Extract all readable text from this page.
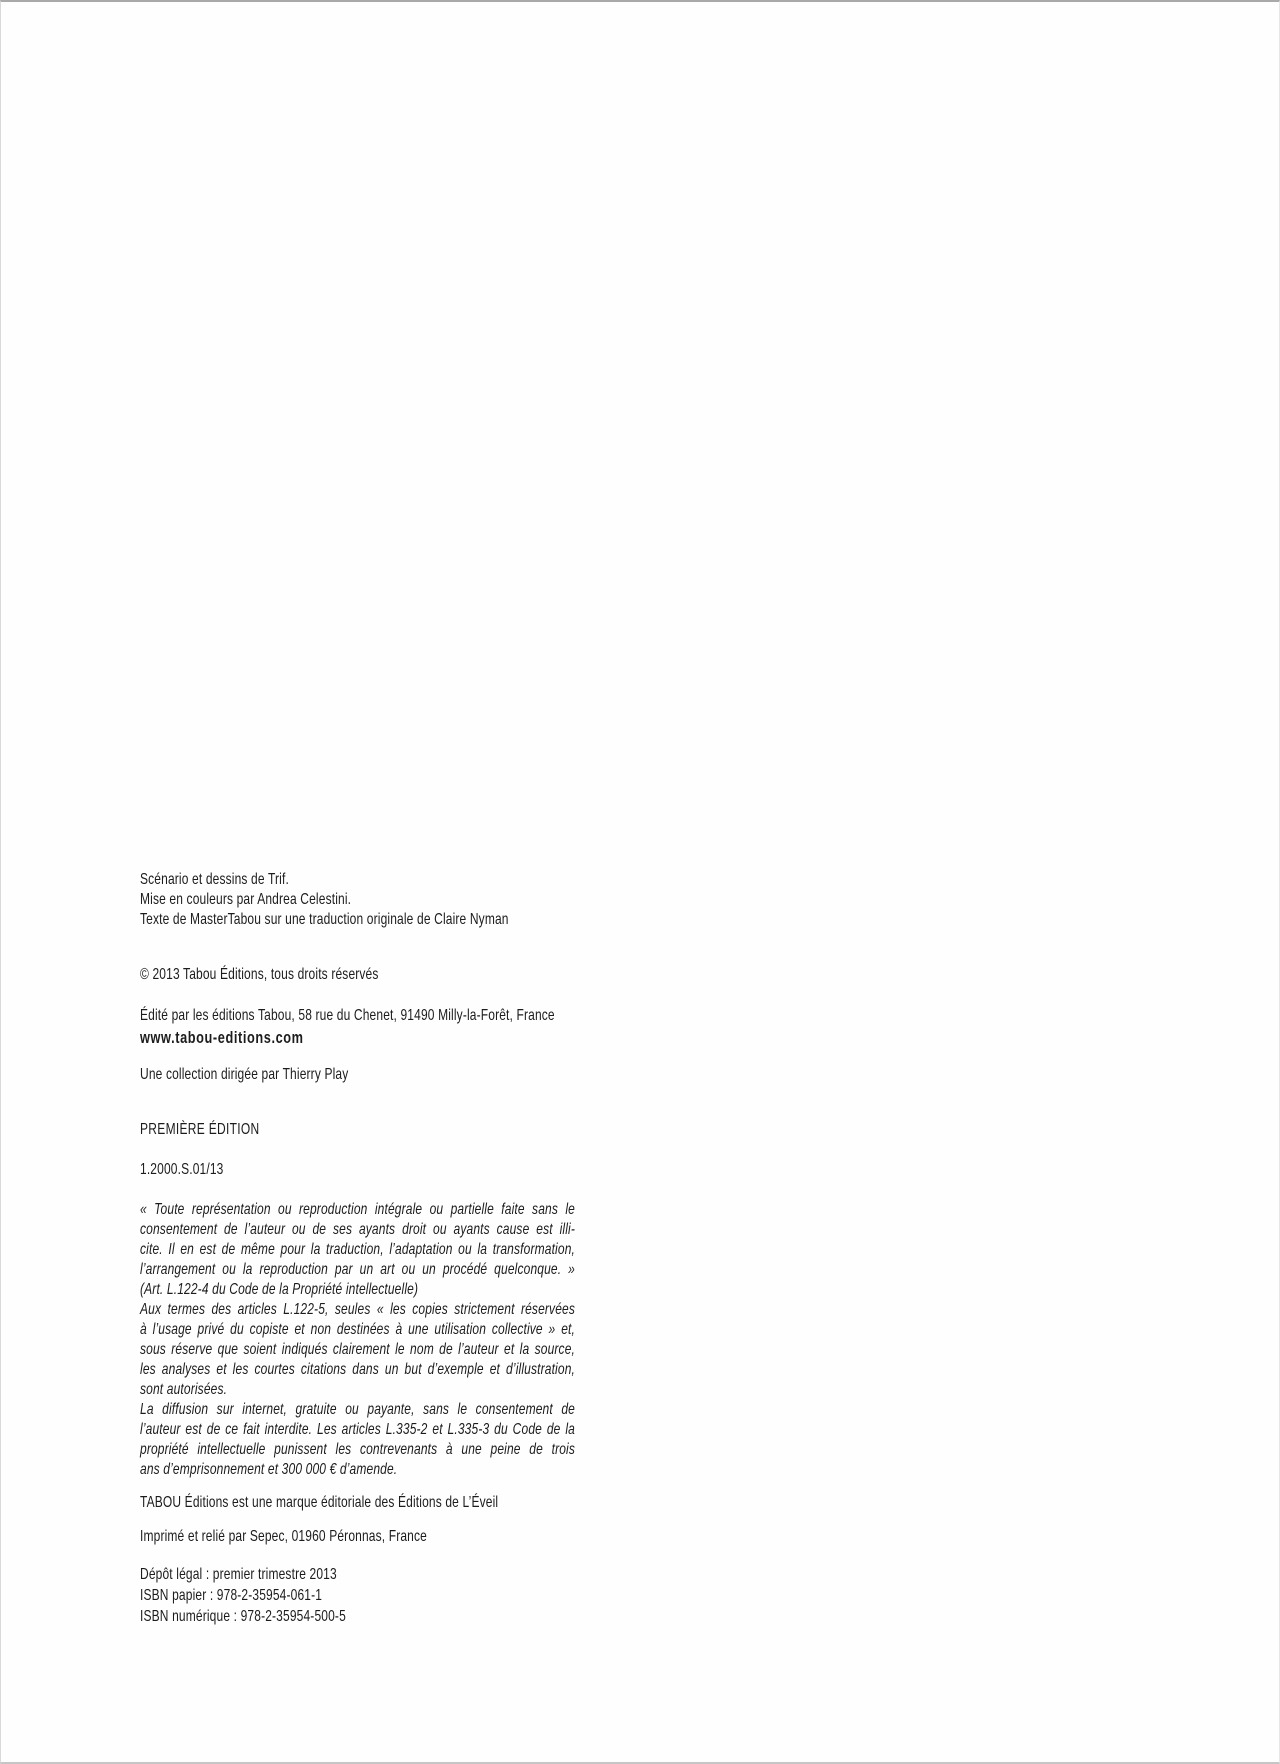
Scénario et dessins de Trif.
Mise en couleurs par Andrea Celestini.
Texte de MasterTabou sur une traduction originale de Claire Nyman
© 2013 Tabou Éditions, tous droits réservés
Édité par les éditions Tabou, 58 rue du Chenet, 91490 Milly-la-Forêt, France
www.tabou-editions.com
Une collection dirigée par Thierry Play
PREMIÈRE ÉDITION
1.2000.S.01/13
« Toute représentation ou reproduction intégrale ou partielle faite sans le
consentement de l’auteur ou de ses ayants droit ou ayants cause est illi-
cite. Il en est de même pour la traduction, l’adaptation ou la transformation,
l’arrangement ou la reproduction par un art ou un procédé quelconque. »
(Art. L.122-4 du Code de la Propriété intellectuelle)
Aux termes des articles L.122-5, seules « les copies strictement réservées
à l’usage privé du copiste et non destinées à une utilisation collective » et,
sous réserve que soient indiqués clairement le nom de l’auteur et la source,
les analyses et les courtes citations dans un but d’exemple et d’illustration,
sont autorisées.
La diffusion sur internet, gratuite ou payante, sans le consentement de
l’auteur est de ce fait interdite. Les articles L.335-2 et L.335-3 du Code de la
propriété intellectuelle punissent les contrevenants à une peine de trois
ans d’emprisonnement et 300 000 € d’amende.
TABOU Éditions est une marque éditoriale des Éditions de L’Éveil
Imprimé et relié par Sepec, 01960 Péronnas, France
Dépôt légal : premier trimestre 2013
ISBN papier : 978-2-35954-061-1
ISBN numérique : 978-2-35954-500-5
